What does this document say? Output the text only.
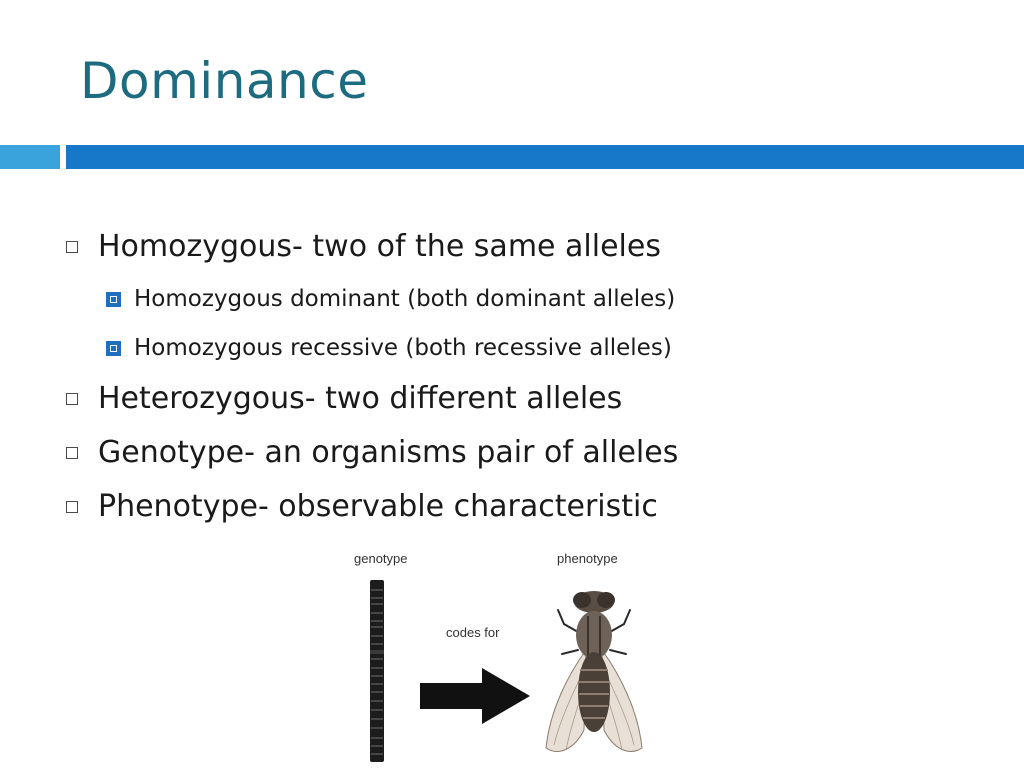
Dominance
Homozygous- two of the same alleles
Homozygous dominant (both dominant alleles)
Homozygous recessive (both recessive alleles)
Heterozygous- two different alleles
Genotype- an organisms pair of alleles
Phenotype- observable characteristic
genotype	phenotype
codes for
